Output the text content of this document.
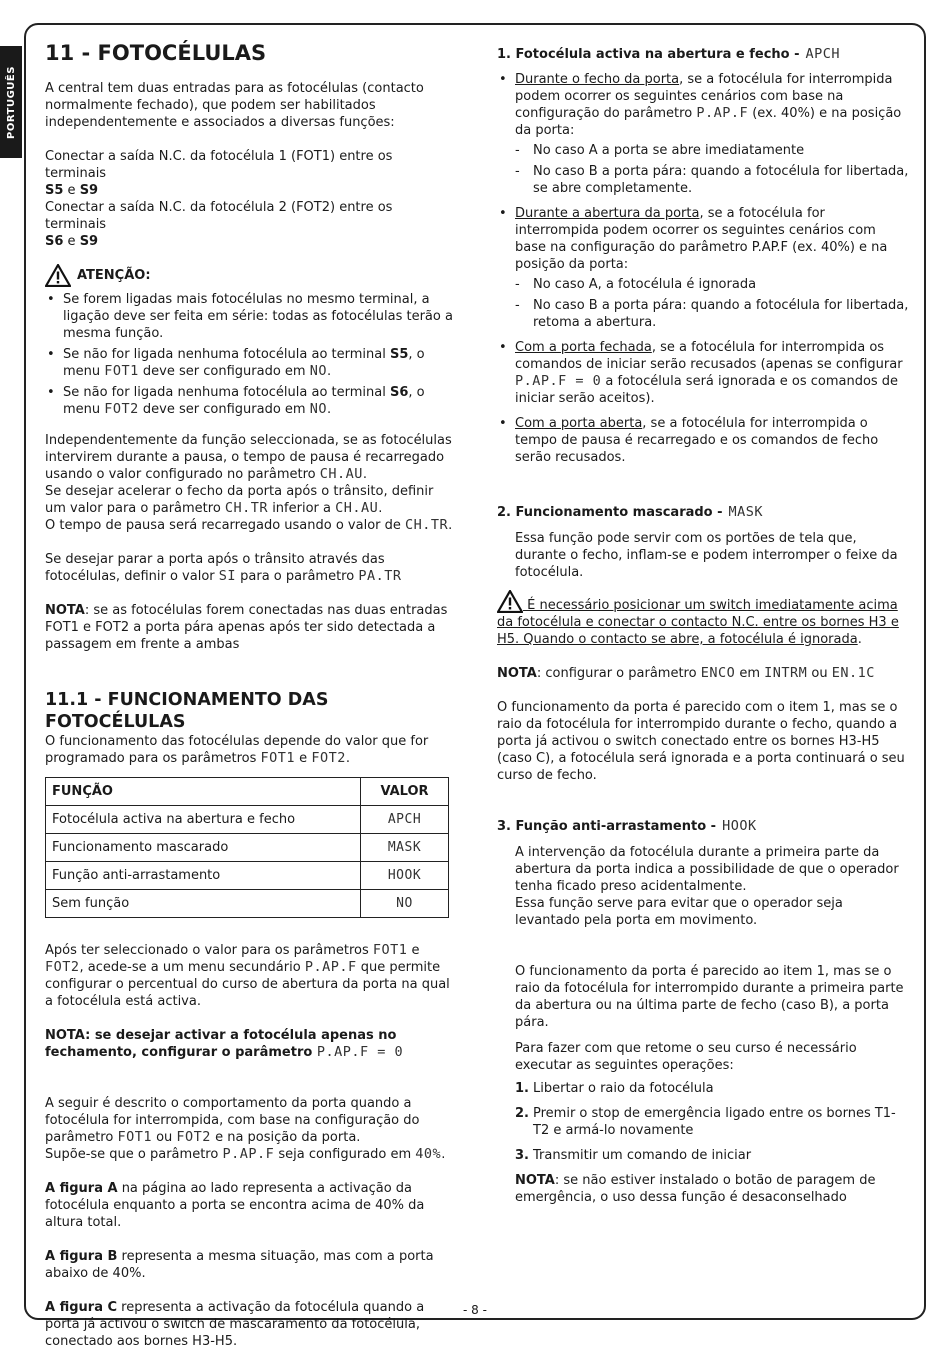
PORTUGUÊS
11 - FOTOCÉLULAS

A central tem duas entradas para as fotocélulas (contacto normalmente fechado), que podem ser habilitados independentemente e associados a diversas funções:

Conectar a saída N.C. da fotocélula 1 (FOT1) entre os terminais
S5 e S9

Conectar a saída N.C. da fotocélula 2 (FOT2) entre os terminais
S6 e S9

ATENÇÃO:
• Se forem ligadas mais fotocélulas no mesmo terminal, a ligação deve ser feita em série: todas as fotocélulas terão a mesma função.
• Se não for ligada nenhuma fotocélula ao terminal S5, o menu FOT1 deve ser configurado em NO.
• Se não for ligada nenhuma fotocélula ao terminal S6, o menu FOT2 deve ser configurado em NO.

Independentemente da função seleccionada, se as fotocélulas intervirem durante a pausa, o tempo de pausa é recarregado usando o valor configurado no parâmetro CH.AU.
Se desejar acelerar o fecho da porta após o trânsito, definir um valor para o parâmetro CH.TR inferior a CH.AU.
O tempo de pausa será recarregado usando o valor de CH.TR.

Se desejar parar a porta após o trânsito através das fotocélulas, definir o valor SI para o parâmetro PA.TR

NOTA: se as fotocélulas forem conectadas nas duas entradas FOT1 e FOT2 a porta pára apenas após ter sido detectada a passagem em frente a ambas

11.1 - FUNCIONAMENTO DAS FOTOCÉLULAS

O funcionamento das fotocélulas depende do valor que for programado para os parâmetros FOT1 e FOT2.

FUNÇÃO	VALOR
Fotocélula activa na abertura e fecho	APCH
Funcionamento mascarado	MASK
Função anti-arrastamento	HOOK
Sem função	NO

Após ter seleccionado o valor para os parâmetros FOT1 e FOT2, acede-se a um menu secundário P.AP.F que permite configurar o percentual do curso de abertura da porta na qual a fotocélula está activa.

NOTA: se desejar activar a fotocélula apenas no fechamento, configurar o parâmetro P.AP.F = 0

A seguir é descrito o comportamento da porta quando a fotocélula for interrompida, com base na configuração do parâmetro FOT1 ou FOT2 e na posição da porta.
Supõe-se que o parâmetro P.AP.F seja configurado em 40%.

A figura A na página ao lado representa a activação da fotocélula enquanto a porta se encontra acima de 40% da altura total.

A figura B representa a mesma situação, mas com a porta abaixo de 40%.

A figura C representa a activação da fotocélula quando a porta já activou o switch de mascaramento da fotocélula, conectado aos bornes H3-H5.

1. Fotocélula activa na abertura e fecho - APCH
• Durante o fecho da porta, se a fotocélula for interrompida podem ocorrer os seguintes cenários com base na configuração do parâmetro P.AP.F (ex. 40%) e na posição da porta:
- No caso A a porta se abre imediatamente
- No caso B a porta pára: quando a fotocélula for libertada, se abre completamente.
• Durante a abertura da porta, se a fotocélula for interrompida podem ocorrer os seguintes cenários com base na configuração do parâmetro P.AP.F (ex. 40%) e na posição da porta:
- No caso A, a fotocélula é ignorada
- No caso B a porta pára: quando a fotocélula for libertada, retoma a abertura.
• Com a porta fechada, se a fotocélula for interrompida os comandos de iniciar serão recusados (apenas se configurar P.AP.F = 0 a fotocélula será ignorada e os comandos de iniciar serão aceitos).
• Com a porta aberta, se a fotocélula for interrompida o tempo de pausa é recarregado e os comandos de fecho serão recusados.
2. Funcionamento mascarado - MASK

Essa função pode servir com os portões de tela que, durante o fecho, inflam-se e podem interromper o feixe da fotocélula.

É necessário posicionar um switch imediatamente acima da fotocélula e conectar o contacto N.C. entre os bornes H3 e H5. Quando o contacto se abre, a fotocélula é ignorada.

NOTA: configurar o parâmetro ENCO em INTRM ou EN.1C

O funcionamento da porta é parecido com o item 1, mas se o raio da fotocélula for interrompido durante o fecho, quando a porta já activou o switch conectado entre os bornes H3-H5 (caso C), a fotocélula será ignorada e a porta continuará o seu curso de fecho.

3. Função anti-arrastamento - HOOK

A intervenção da fotocélula durante a primeira parte da abertura da porta indica a possibilidade de que o operador tenha ficado preso acidentalmente.

Essa função serve para evitar que o operador seja levantado pela porta em movimento.

O funcionamento da porta é parecido ao item 1, mas se o raio da fotocélula for interrompido durante a primeira parte da abertura ou na última parte de fecho (caso B), a porta pára.

Para fazer com que retome o seu curso é necessário executar as seguintes operações:

1. Libertar o raio da fotocélula
2. Premir o stop de emergência ligado entre os bornes T1-T2 e armá-lo novamente
3. Transmitir um comando de iniciar

NOTA: se não estiver instalado o botão de paragem de emergência, o uso dessa função é desaconselhado

- 8 -
